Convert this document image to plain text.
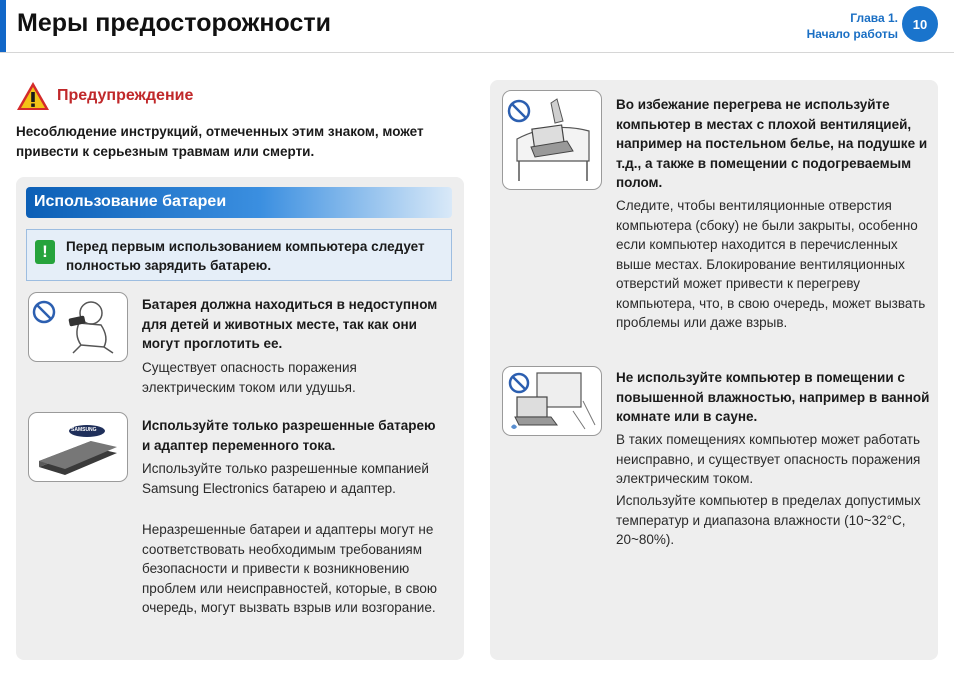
Меры предосторожности	Глава 1.
Начало работы
10
Предупреждение
Несоблюдение инструкций, отмеченных этим знаком, может привести к серьезным травмам или смерти.
Использование батареи
!	Перед первым использованием компьютера следует полностью зарядить батарею.
Батарея должна находиться в недоступном для детей и животных месте, так как они могут проглотить ее.
Существует опасность поражения электрическим током или удушья.
SAMSUNG	Используйте только разрешенные батарею и адаптер переменного тока.
Используйте только разрешенные компанией Samsung Electronics батарею и адаптер.
Неразрешенные батареи и адаптеры могут не соответствовать необходимым требованиям безопасности и привести к возникновению проблем или неисправностей, которые, в свою очередь, могут вызвать взрыв или возгорание.
Во избежание перегрева не используйте компьютер в местах с плохой вентиляцией, например на постельном белье, на подушке и т.д., а также в помещении с подогреваемым полом.
Следите, чтобы вентиляционные отверстия компьютера (сбоку) не были закрыты, особенно если компьютер находится в перечисленных выше местах. Блокирование вентиляционных отверстий может привести к перегреву компьютера, что, в свою очередь, может вызвать проблемы или даже взрыв.
Не используйте компьютер в помещении с повышенной влажностью, например в ванной комнате или в сауне.
В таких помещениях компьютер может работать неисправно, и существует опасность поражения электрическим током.
Используйте компьютер в пределах допустимых температур и диапазона влажности (10~32°C, 20~80%).
